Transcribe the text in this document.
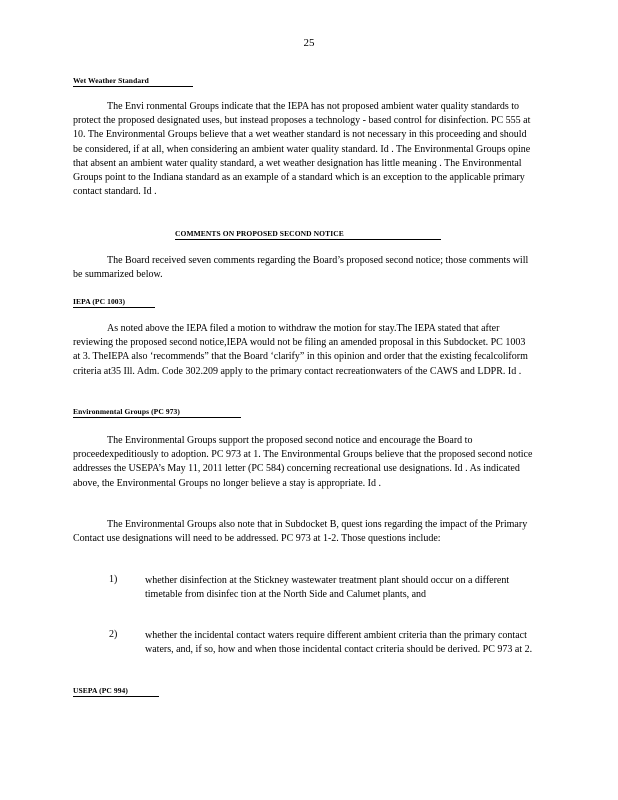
25
Wet Weather Standard
The Envi ronmental Groups indicate that the IEPA has not proposed ambient water quality standards to protect the proposed designated uses, but instead proposes a technology - based control for disinfection. PC 555 at 10. The Environmental Groups believe that a wet weather standard is not necessary in this proceeding and should be considered, if at all, when considering an ambient water quality standard. Id . The Environmental Groups opine that absent an ambient water quality standard, a wet weather designation has little meaning . The Environmental Groups point to the Indiana standard as an example of a standard which is an exception to the applicable primary contact standard. Id .
COMMENTS ON PROPOSED SECOND NOTICE
The Board received seven comments regarding the Board’s proposed second notice; those comments will be summarized below.
IEPA (PC 1003)
As noted above the IEPA filed a motion to withdraw the motion for stay.The IEPA stated that after reviewing the proposed second notice,IEPA would not be filing an amended proposal in this Subdocket. PC 1003 at 3. TheIEPA also ‘recommends” that the Board ‘clarify” in this opinion and order that the existing fecalcoliform criteria at35 Ill. Adm. Code 302.209 apply to the primary contact recreationwaters of the CAWS and LDPR. Id .
Environmental Groups (PC 973)
The Environmental Groups support the proposed second notice and encourage the Board to proceedexpeditiously to adoption. PC 973 at 1. The Environmental Groups believe that the proposed second notice addresses the USEPA’s May 11, 2011 letter (PC 584) concerning recreational use designations. Id . As indicated above, the Environmental Groups no longer believe a stay is appropriate. Id .
The Environmental Groups also note that in Subdocket B, quest ions regarding the impact of the Primary Contact use designations will need to be addressed. PC 973 at 1-2. Those questions include:
1)	whether disinfection at the Stickney wastewater treatment plant should occur on a different timetable from disinfec tion at the North Side and Calumet plants, and
2)	whether the incidental contact waters require different ambient criteria than the primary contact waters, and, if so, how and when those incidental contact criteria should be derived. PC 973 at 2.
USEPA (PC 994)
